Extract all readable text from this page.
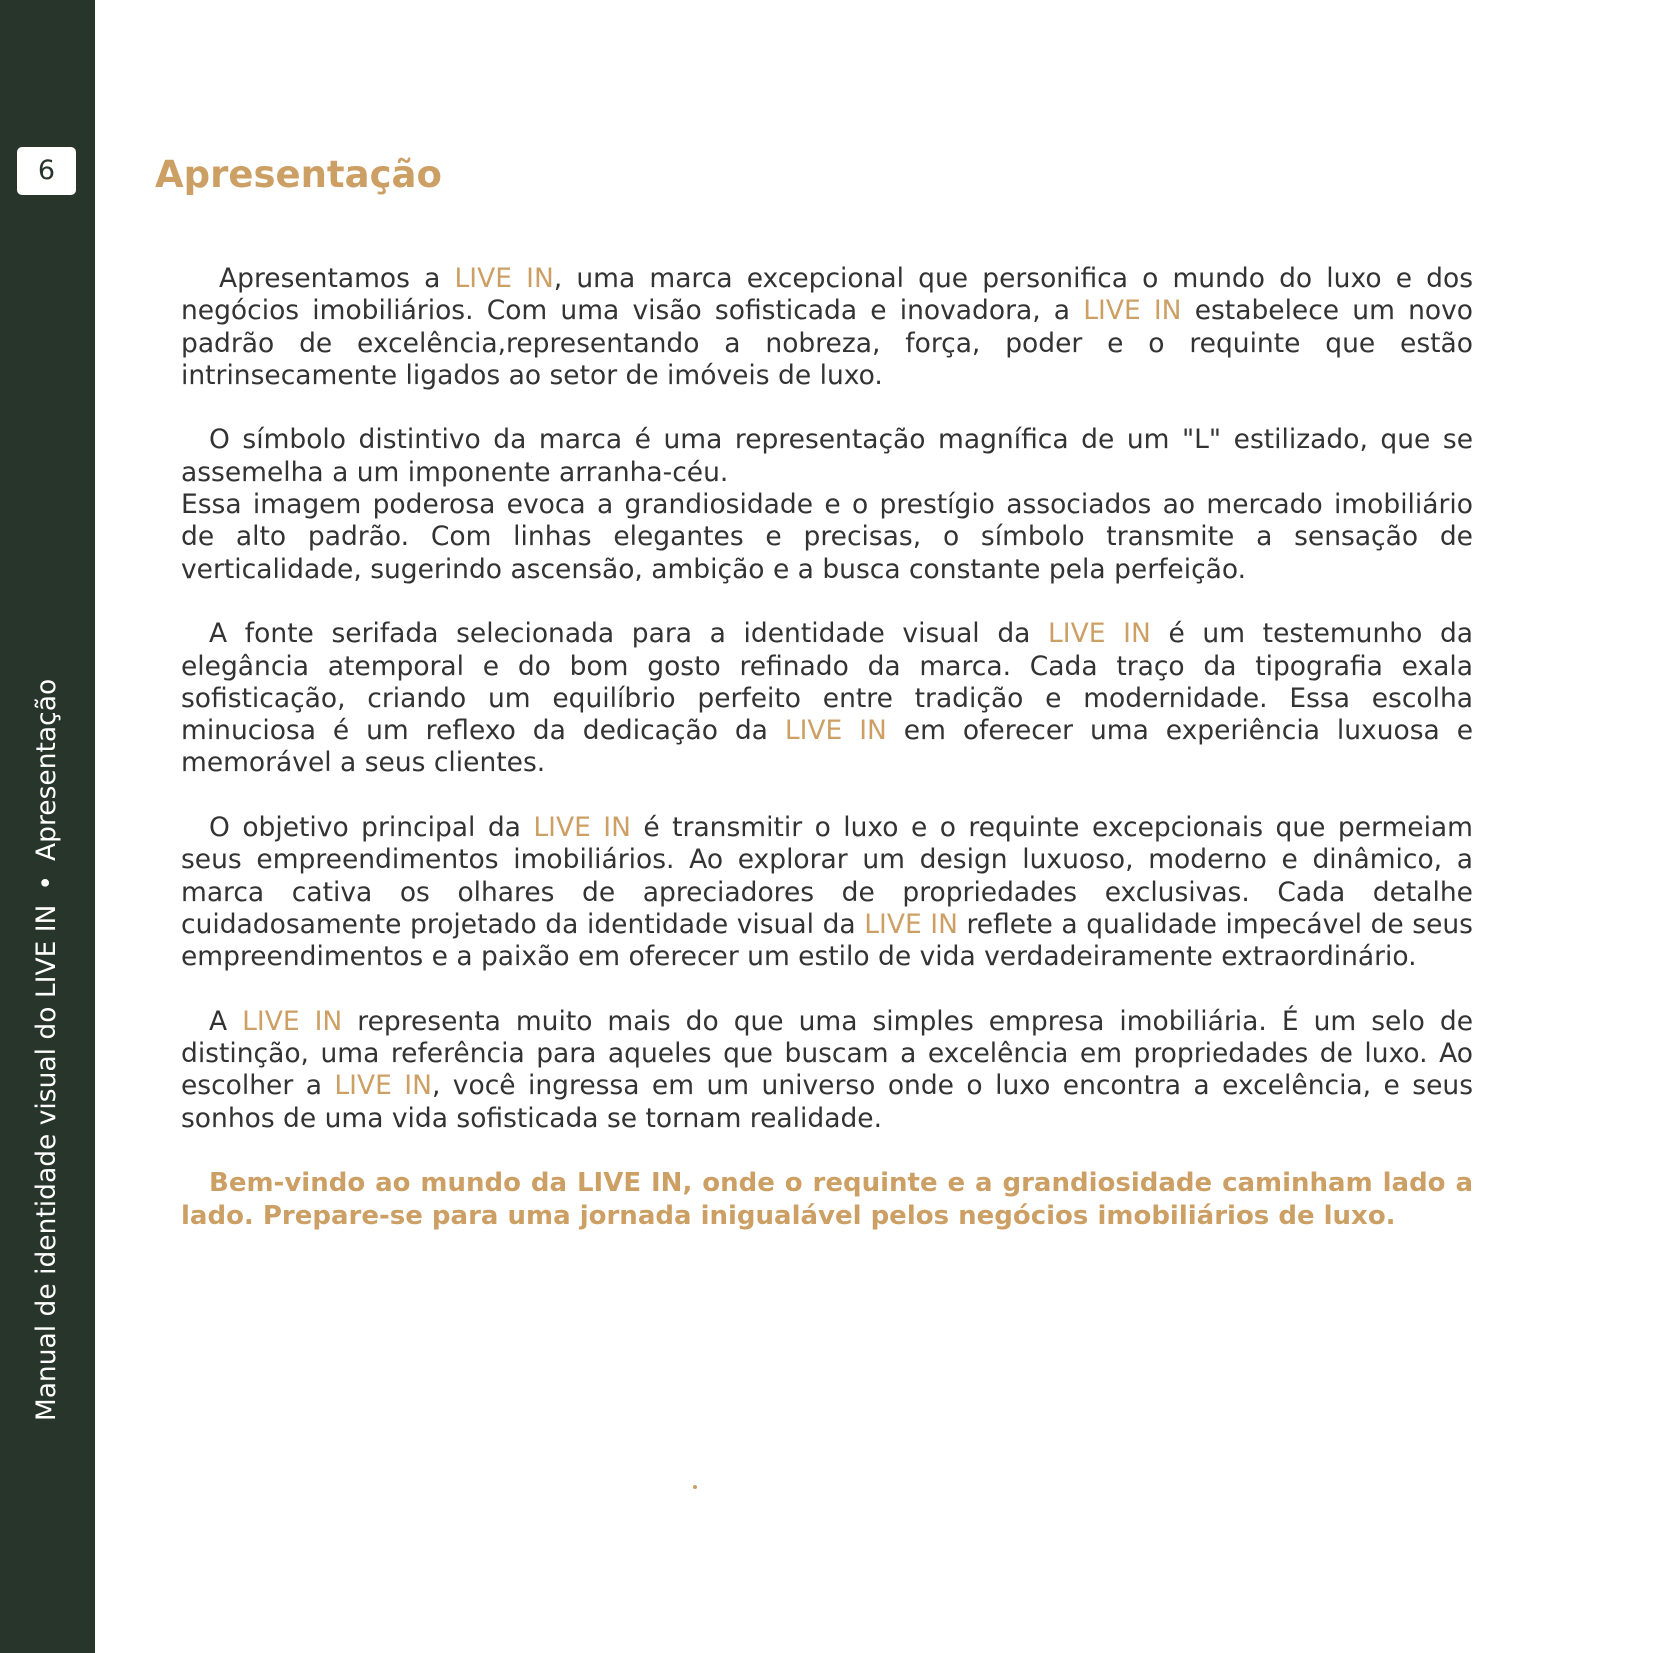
6
Manual de identidade visual do LIVE IN•Apresentação
Apresentação

Apresentamos a LIVE IN, uma marca excepcional que personifica o mundo do luxo e dos negócios imobiliários. Com uma visão sofisticada e inovadora, a LIVE IN estabelece um novo padrão de excelência,representando a nobreza, força, poder e o requinte que estão intrinsecamente ligados ao setor de imóveis de luxo.

O símbolo distintivo da marca é uma representação magnífica de um "L" estilizado, que se assemelha a um imponente arranha-céu.

Essa imagem poderosa evoca a grandiosidade e o prestígio associados ao mercado imobiliário de alto padrão. Com linhas elegantes e precisas, o símbolo transmite a sensação de verticalidade, sugerindo ascensão, ambição e a busca constante pela perfeição.

A fonte serifada selecionada para a identidade visual da LIVE IN é um testemunho da elegância atemporal e do bom gosto refinado da marca. Cada traço da tipografia exala sofisticação, criando um equilíbrio perfeito entre tradição e modernidade. Essa escolha minuciosa é um reflexo da dedicação da LIVE IN em oferecer uma experiência luxuosa e memorável a seus clientes.

O objetivo principal da LIVE IN é transmitir o luxo e o requinte excepcionais que permeiam seus empreendimentos imobiliários. Ao explorar um design luxuoso, moderno e dinâmico, a marca cativa os olhares de apreciadores de propriedades exclusivas. Cada detalhe cuidadosamente projetado da identidade visual da LIVE IN reflete a qualidade impecável de seus empreendimentos e a paixão em oferecer um estilo de vida verdadeiramente extraordinário.

A LIVE IN representa muito mais do que uma simples empresa imobiliária. É um selo de distinção, uma referência para aqueles que buscam a excelência em propriedades de luxo. Ao escolher a LIVE IN, você ingressa em um universo onde o luxo encontra a excelência, e seus sonhos de uma vida sofisticada se tornam realidade.

Bem-vindo ao mundo da LIVE IN, onde o requinte e a grandiosidade caminham lado a lado. Prepare-se para uma jornada inigualável pelos negócios imobiliários de luxo.
